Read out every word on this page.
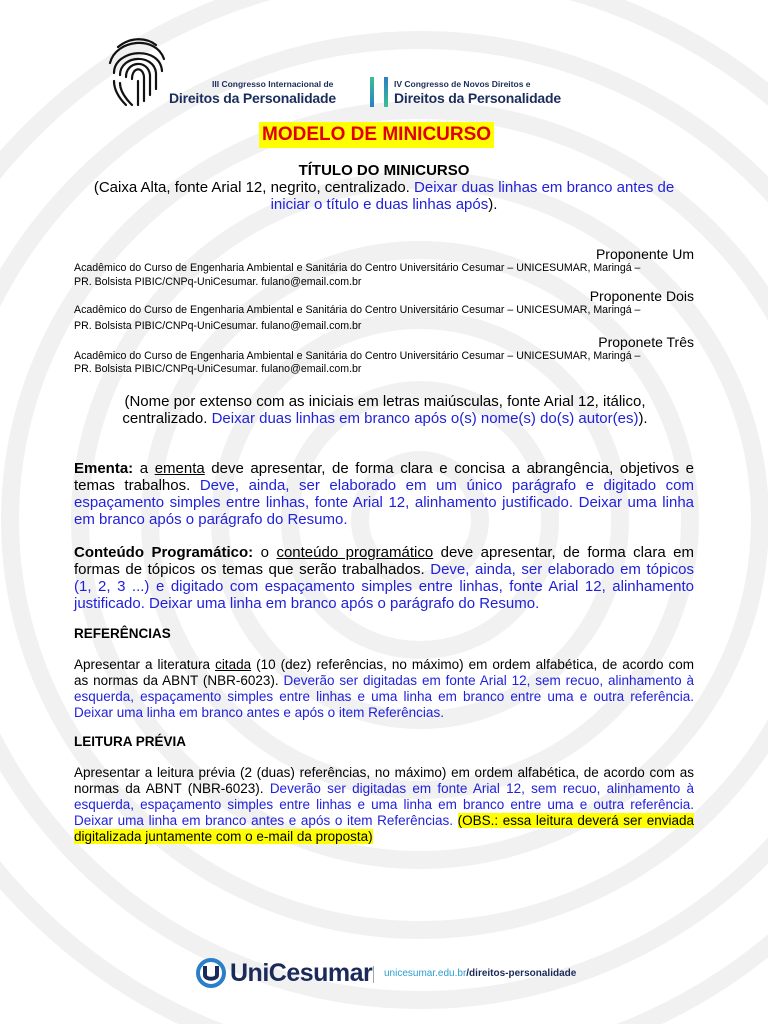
III Congresso Internacional de
Direitos da Personalidade
IV Congresso de Novos Direitos e
Direitos da Personalidade
MODELO DE MINICURSO
TÍTULO DO MINICURSO
(Caixa Alta, fonte Arial 12, negrito, centralizado. Deixar duas linhas em branco antes de iniciar o título e duas linhas após).
Proponente Um
Acadêmico do Curso de Engenharia Ambiental e Sanitária do Centro Universitário Cesumar – UNICESUMAR, Maringá –
PR. Bolsista PIBIC/CNPq-UniCesumar. fulano@email.com.br
Proponente Dois
Acadêmico do Curso de Engenharia Ambiental e Sanitária do Centro Universitário Cesumar – UNICESUMAR, Maringá –
PR. Bolsista PIBIC/CNPq-UniCesumar. fulano@email.com.br
Proponete Três
Acadêmico do Curso de Engenharia Ambiental e Sanitária do Centro Universitário Cesumar – UNICESUMAR, Maringá –
PR. Bolsista PIBIC/CNPq-UniCesumar. fulano@email.com.br
(Nome por extenso com as iniciais em letras maiúsculas, fonte Arial 12, itálico,
centralizado. Deixar duas linhas em branco após o(s) nome(s) do(s) autor(es)).
Ementa: a ementa deve apresentar, de forma clara e concisa a abrangência, objetivos e temas trabalhos. Deve, ainda, ser elaborado em um único parágrafo e digitado com espaçamento simples entre linhas, fonte Arial 12, alinhamento justificado. Deixar uma linha em branco após o parágrafo do Resumo.
Conteúdo Programático: o conteúdo programático deve apresentar, de forma clara em formas de tópicos os temas que serão trabalhados. Deve, ainda, ser elaborado em tópicos (1, 2, 3 ...) e digitado com espaçamento simples entre linhas, fonte Arial 12, alinhamento justificado. Deixar uma linha em branco após o parágrafo do Resumo.
REFERÊNCIAS
Apresentar a literatura citada (10 (dez) referências, no máximo) em ordem alfabética, de acordo com as normas da ABNT (NBR-6023). Deverão ser digitadas em fonte Arial 12, sem recuo, alinhamento à esquerda, espaçamento simples entre linhas e uma linha em branco entre uma e outra referência. Deixar uma linha em branco antes e após o item Referências.
LEITURA PRÉVIA
Apresentar a leitura prévia (2 (duas) referências, no máximo) em ordem alfabética, de acordo com as normas da ABNT (NBR-6023). Deverão ser digitadas em fonte Arial 12, sem recuo, alinhamento à esquerda, espaçamento simples entre linhas e uma linha em branco entre uma e outra referência. Deixar uma linha em branco antes e após o item Referências. (OBS.: essa leitura deverá ser enviada digitalizada juntamente com o e-mail da proposta)
UniCesumar unicesumar.edu.br/direitos-personalidade
